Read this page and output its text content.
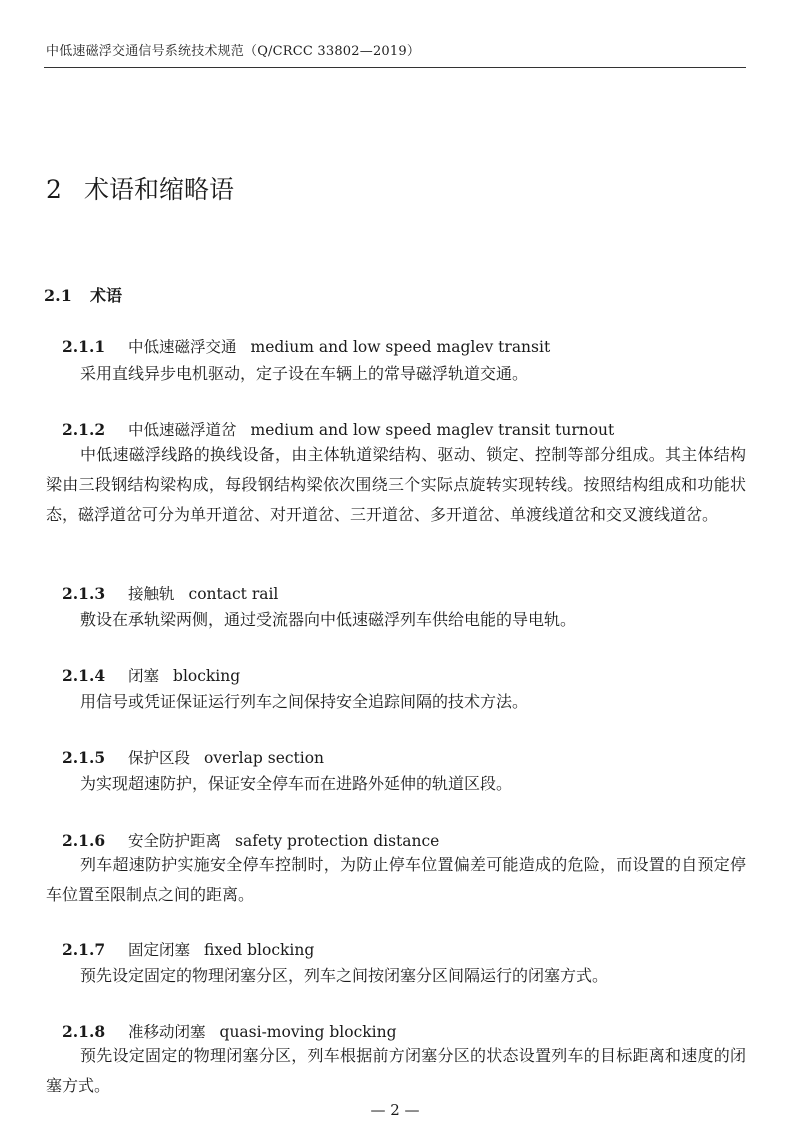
中低速磁浮交通信号系统技术规范（Q/CRCC 33802—2019）
2 术语和缩略语
2.1 术语
2.1.1 中低速磁浮交通 medium and low speed maglev transit
采用直线异步电机驱动，定子设在车辆上的常导磁浮轨道交通。
2.1.2 中低速磁浮道岔 medium and low speed maglev transit turnout
中低速磁浮线路的换线设备，由主体轨道梁结构、驱动、锁定、控制等部分组成。其主体结构梁由三段钢结构梁构成，每段钢结构梁依次围绕三个实际点旋转实现转线。按照结构组成和功能状态，磁浮道岔可分为单开道岔、对开道岔、三开道岔、多开道岔、单渡线道岔和交叉渡线道岔。
2.1.3 接触轨 contact rail
敷设在承轨梁两侧，通过受流器向中低速磁浮列车供给电能的导电轨。
2.1.4 闭塞 blocking
用信号或凭证保证运行列车之间保持安全追踪间隔的技术方法。
2.1.5 保护区段 overlap section
为实现超速防护，保证安全停车而在进路外延伸的轨道区段。
2.1.6 安全防护距离 safety protection distance
列车超速防护实施安全停车控制时，为防止停车位置偏差可能造成的危险，而设置的自预定停车位置至限制点之间的距离。
2.1.7 固定闭塞 fixed blocking
预先设定固定的物理闭塞分区，列车之间按闭塞分区间隔运行的闭塞方式。
2.1.8 准移动闭塞 quasi-moving blocking
预先设定固定的物理闭塞分区，列车根据前方闭塞分区的状态设置列车的目标距离和速度的闭塞方式。
— 2 —
